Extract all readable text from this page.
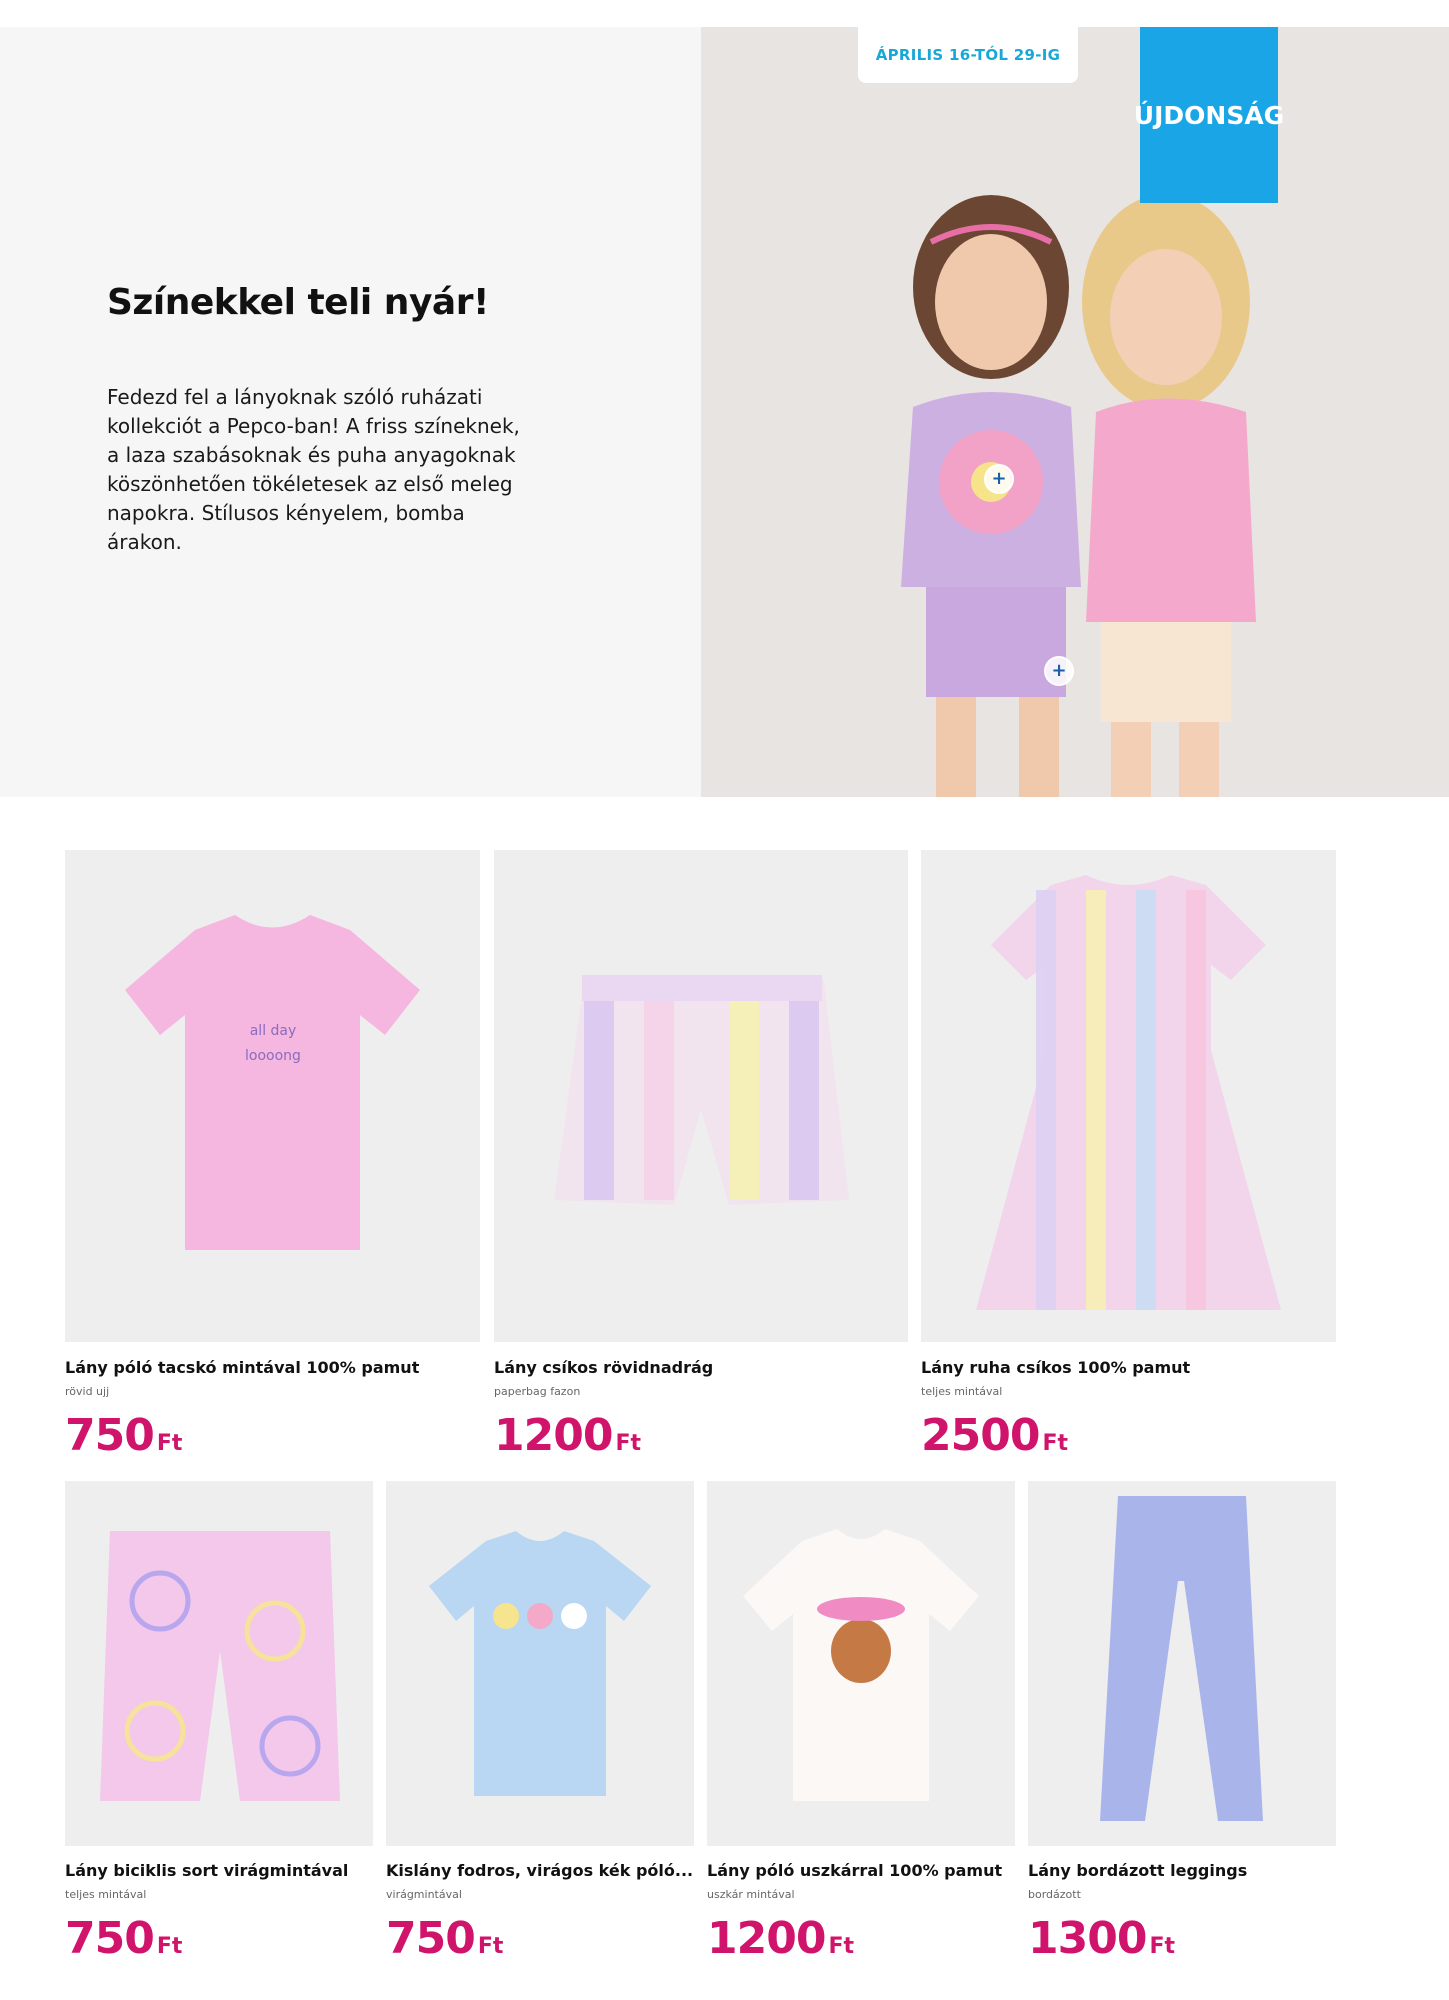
Színekkel teli nyár!

Fedezd fel a lányoknak szóló ruházati kollekciót a Pepco-ban! A friss színeknek, a laza szabásoknak és puha anyagoknak köszönhetően tökéletesek az első meleg napokra. Stílusos kényelem, bomba árakon.

+
+
ÁPRILIS 16-TÓL 29-IG
ÚJDONSÁG
all day
loooong
Lány póló tacskó mintával 100% pamut
rövid ujj
750 Ft
Lány csíkos rövidnadrág
paperbag fazon
1200 Ft
Lány ruha csíkos 100% pamut
teljes mintával
2500 Ft
Lány biciklis sort virágmintával
teljes mintával
750 Ft
Kislány fodros, virágos kék póló...
virágmintával
750 Ft
Lány póló uszkárral 100% pamut
uszkár mintával
1200 Ft
Lány bordázott leggings
bordázott
1300 Ft
